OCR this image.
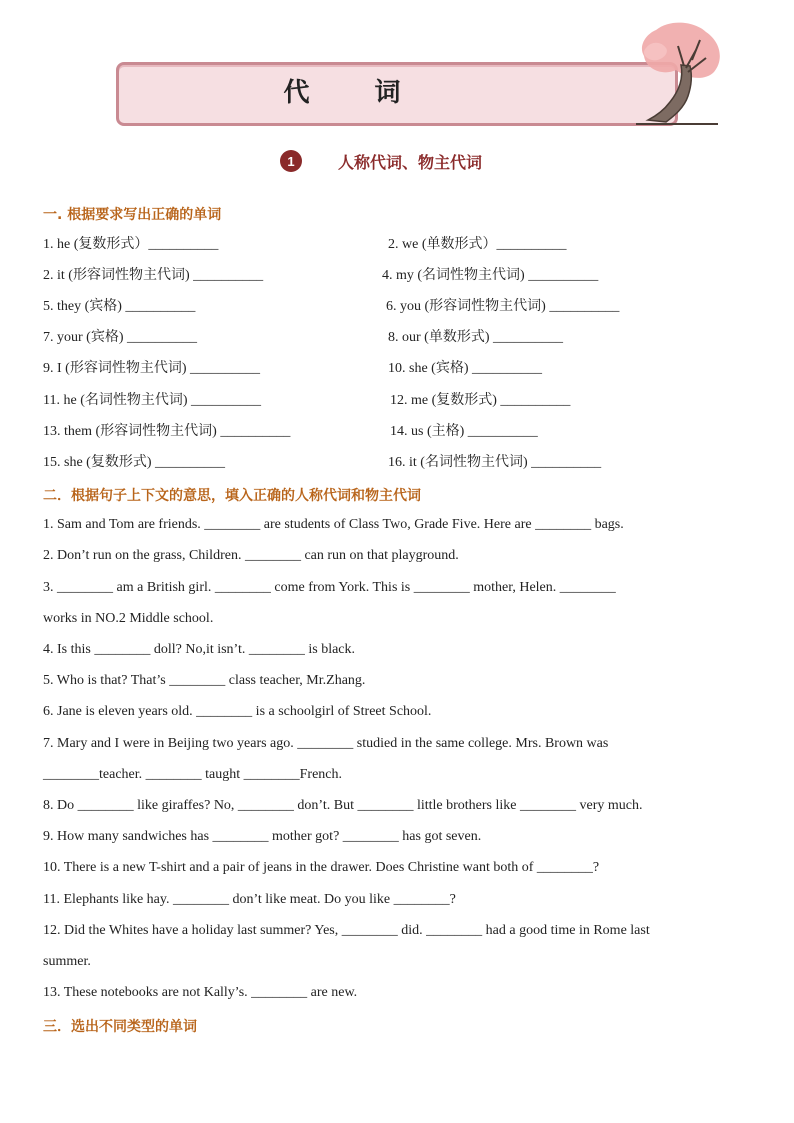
代 词
1	人称代词、物主代词
一. 根据要求写出正确的单词
1. he (复数形式）__________	2. we (单数形式）__________
2. it (形容词性物主代词) __________	4. my (名词性物主代词) __________
5. they (宾格) __________	6. you (形容词性物主代词) __________
7. your (宾格) __________	8. our (单数形式) __________
9. I (形容词性物主代词) __________	10. she (宾格) __________
11. he (名词性物主代词) __________	12. me (复数形式) __________
13. them (形容词性物主代词) __________	14. us (主格) __________
15. she (复数形式) __________	16. it (名词性物主代词) __________
二．根据句子上下文的意思，填入正确的人称代词和物主代词
1. Sam and Tom are friends. ________ are students of Class Two, Grade Five. Here are ________ bags.
2. Don’t run on the grass, Children. ________ can run on that playground.
3. ________ am a British girl. ________ come from York. This is ________ mother, Helen. ________
works in NO.2 Middle school.
4. Is this ________ doll? No,it isn’t. ________ is black.
5. Who is that? That’s ________ class teacher, Mr.Zhang.
6. Jane is eleven years old. ________ is a schoolgirl of Street School.
7. Mary and I were in Beijing two years ago. ________ studied in the same college. Mrs. Brown was
________teacher. ________ taught ________French.
8. Do ________ like giraffes? No, ________ don’t. But ________ little brothers like ________ very much.
9. How many sandwiches has ________ mother got? ________ has got seven.
10. There is a new T-shirt and a pair of jeans in the drawer. Does Christine want both of ________?
11. Elephants like hay. ________ don’t like meat. Do you like ________?
12. Did the Whites have a holiday last summer? Yes, ________ did. ________ had a good time in Rome last
summer.
13. These notebooks are not Kally’s. ________ are new.
三．选出不同类型的单词
